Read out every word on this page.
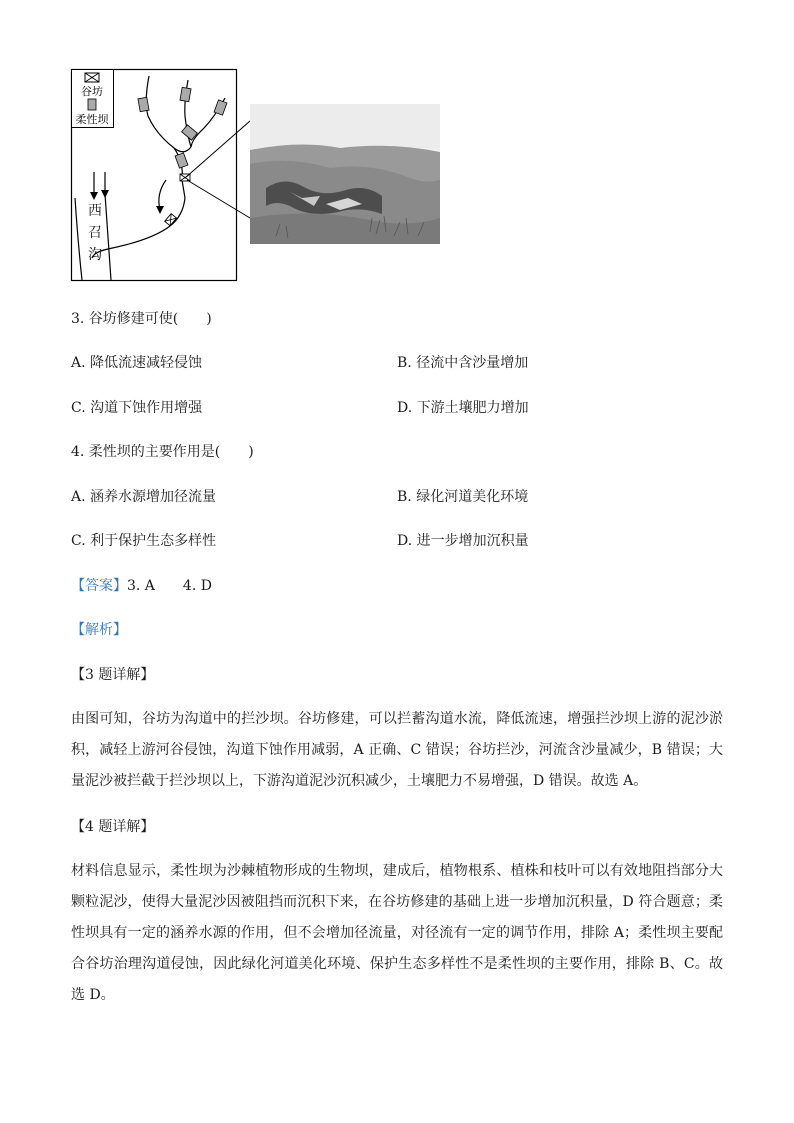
谷坊
柔性坝
西
召
沟
3. 谷坊修建可使(　　)
A. 降低流速减轻侵蚀	B. 径流中含沙量增加
C. 沟道下蚀作用增强	D. 下游土壤肥力增加
4. 柔性坝的主要作用是(　　)
A. 涵养水源增加径流量	B. 绿化河道美化环境
C. 利于保护生态多样性	D. 进一步增加沉积量
【答案】3. A　　4. D
【解析】
【3 题详解】
由图可知，谷坊为沟道中的拦沙坝。谷坊修建，可以拦蓄沟道水流，降低流速，增强拦沙坝上游的泥沙淤积，减轻上游河谷侵蚀，沟道下蚀作用减弱，A 正确、C 错误；谷坊拦沙，河流含沙量减少，B 错误；大量泥沙被拦截于拦沙坝以上，下游沟道泥沙沉积减少，土壤肥力不易增强，D 错误。故选 A。
【4 题详解】
材料信息显示，柔性坝为沙棘植物形成的生物坝，建成后，植物根系、植株和枝叶可以有效地阻挡部分大颗粒泥沙，使得大量泥沙因被阻挡而沉积下来，在谷坊修建的基础上进一步增加沉积量，D 符合题意；柔性坝具有一定的涵养水源的作用，但不会增加径流量，对径流有一定的调节作用，排除 A；柔性坝主要配合谷坊治理沟道侵蚀，因此绿化河道美化环境、保护生态多样性不是柔性坝的主要作用，排除 B、C。故选 D。
